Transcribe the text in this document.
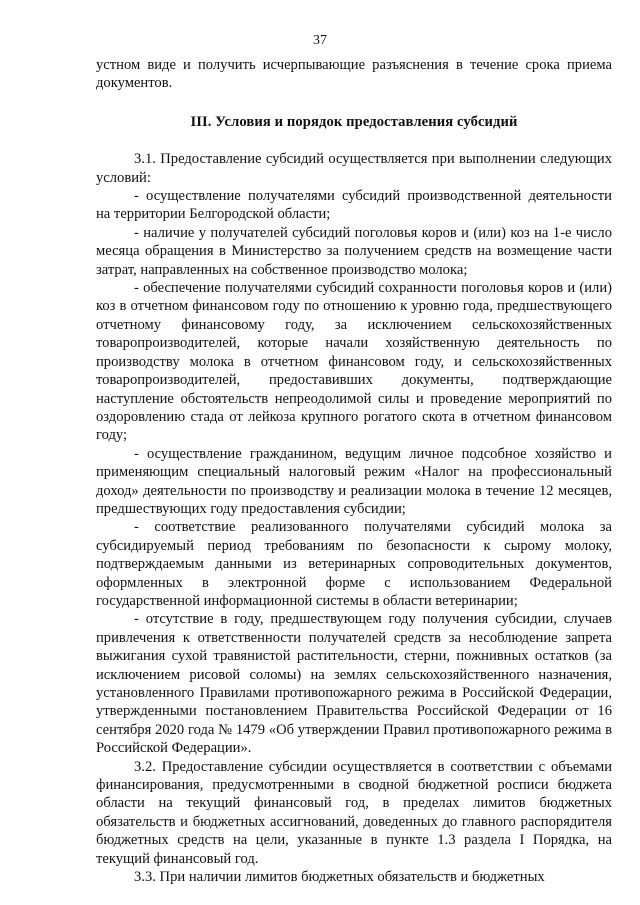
37

устном виде и получить исчерпывающие разъяснения в течение срока приема документов.

III. Условия и порядок предоставления субсидий

3.1. Предоставление субсидий осуществляется при выполнении следующих условий:

- осуществление получателями субсидий производственной деятельности на территории Белгородской области;

- наличие у получателей субсидий поголовья коров и (или) коз на 1-е число месяца обращения в Министерство за получением средств на возмещение части затрат, направленных на собственное производство молока;

- обеспечение получателями субсидий сохранности поголовья коров и (или) коз в отчетном финансовом году по отношению к уровню года, предшествующего отчетному финансовому году, за исключением сельскохозяйственных товаропроизводителей, которые начали хозяйственную деятельность по производству молока в отчетном финансовом году, и сельскохозяйственных товаропроизводителей, предоставивших документы, подтверждающие наступление обстоятельств непреодолимой силы и проведение мероприятий по оздоровлению стада от лейкоза крупного рогатого скота в отчетном финансовом году;

- осуществление гражданином, ведущим личное подсобное хозяйство и применяющим специальный налоговый режим «Налог на профессиональный доход» деятельности по производству и реализации молока в течение 12 месяцев, предшествующих году предоставления субсидии;

- соответствие реализованного получателями субсидий молока за субсидируемый период требованиям по безопасности к сырому молоку, подтверждаемым данными из ветеринарных сопроводительных документов, оформленных в электронной форме с использованием Федеральной государственной информационной системы в области ветеринарии;

- отсутствие в году, предшествующем году получения субсидии, случаев привлечения к ответственности получателей средств за несоблюдение запрета выжигания сухой травянистой растительности, стерни, пожнивных остатков (за исключением рисовой соломы) на землях сельскохозяйственного назначения, установленного Правилами противопожарного режима в Российской Федерации, утвержденными постановлением Правительства Российской Федерации от 16 сентября 2020 года № 1479 «Об утверждении Правил противопожарного режима в Российской Федерации».

3.2. Предоставление субсидии осуществляется в соответствии с объемами финансирования, предусмотренными в сводной бюджетной росписи бюджета области на текущий финансовый год, в пределах лимитов бюджетных обязательств и бюджетных ассигнований, доведенных до главного распорядителя бюджетных средств на цели, указанные в пункте 1.3 раздела I Порядка, на текущий финансовый год.

3.3. При наличии лимитов бюджетных обязательств и бюджетных
